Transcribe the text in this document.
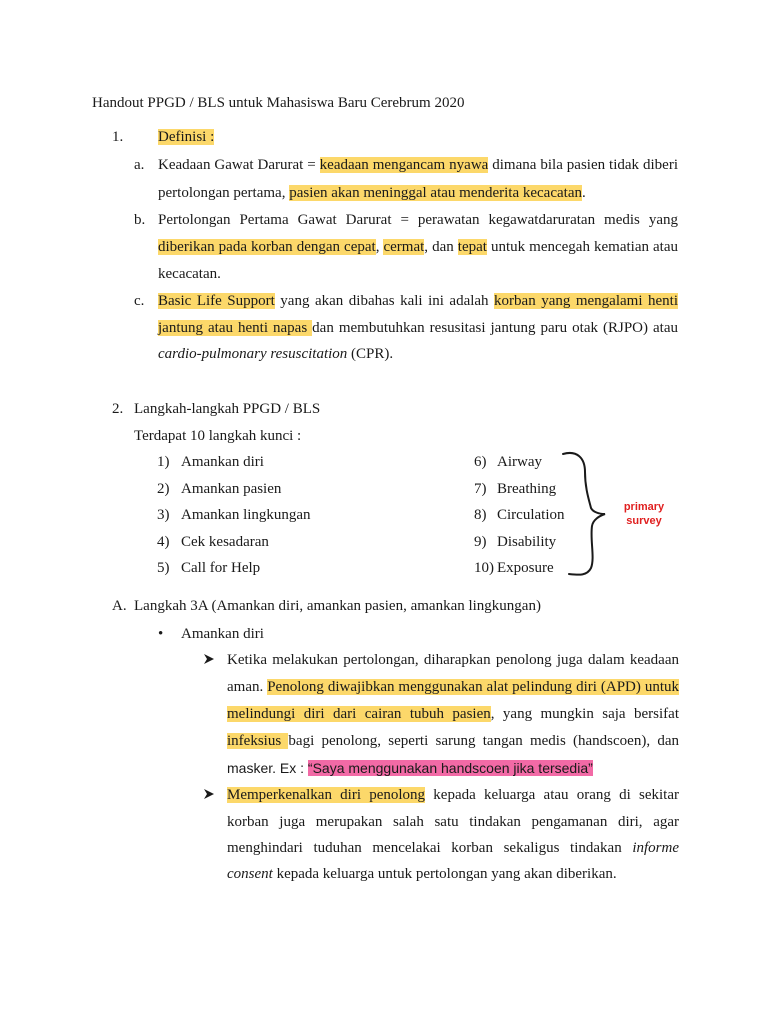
Handout PPGD / BLS untuk Mahasiswa Baru Cerebrum 2020
1. Definisi :
a. Keadaan Gawat Darurat = keadaan mengancam nyawa dimana bila pasien tidak diberi
pertolongan pertama, pasien akan meninggal atau menderita kecacatan.
b. Pertolongan Pertama Gawat Darurat = perawatan kegawatdaruratan medis yang
diberikan pada korban dengan cepat, cermat, dan tepat untuk mencegah kematian atau
kecacatan.
c. Basic Life Support yang akan dibahas kali ini adalah korban yang mengalami henti
jantung atau henti napas dan membutuhkan resusitasi jantung paru otak (RJPO) atau
cardio-pulmonary resuscitation (CPR).
2. Langkah-langkah PPGD / BLS
Terdapat 10 langkah kunci :
1) Amankan diri
2) Amankan pasien
3) Amankan lingkungan
4) Cek kesadaran
5) Call for Help
6) Airway
7) Breathing
8) Circulation
9) Disability
10) Exposure
primary
survey
A. Langkah 3A (Amankan diri, amankan pasien, amankan lingkungan)
• Amankan diri
Ketika melakukan pertolongan, diharapkan penolong juga dalam keadaan
aman. Penolong diwajibkan menggunakan alat pelindung diri (APD) untuk
melindungi diri dari cairan tubuh pasien, yang mungkin saja bersifat
infeksius bagi penolong, seperti sarung tangan medis (handscoen), dan
masker. Ex : “Saya menggunakan handscoen jika tersedia”
Memperkenalkan diri penolong kepada keluarga atau orang di sekitar
korban juga merupakan salah satu tindakan pengamanan diri, agar
menghindari tuduhan mencelakai korban sekaligus tindakan informe
consent kepada keluarga untuk pertolongan yang akan diberikan.
